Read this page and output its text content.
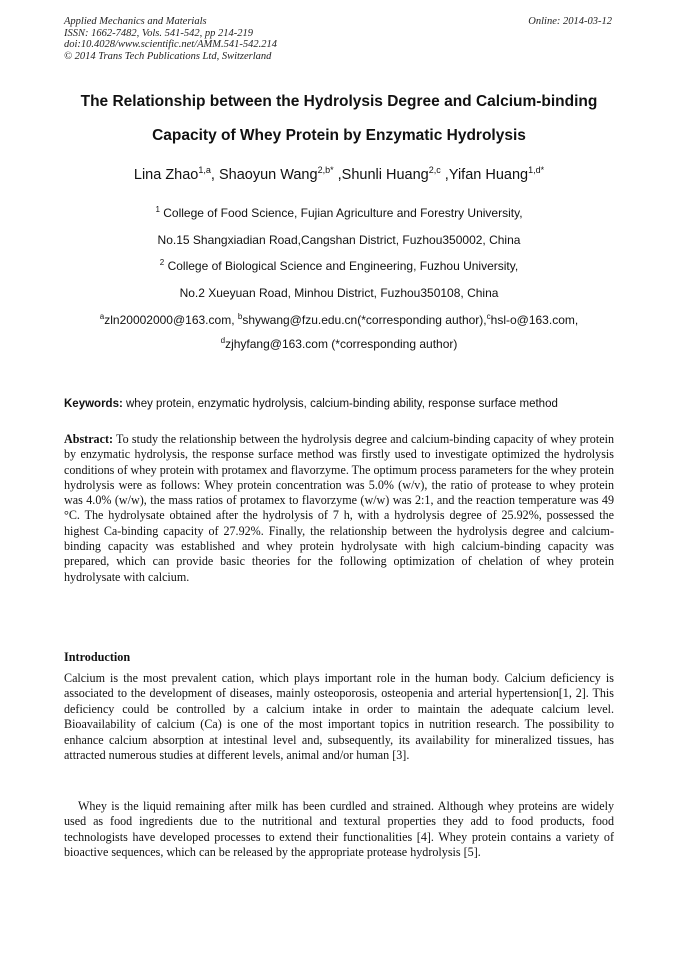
Applied Mechanics and Materials
ISSN: 1662-7482, Vols. 541-542, pp 214-219
doi:10.4028/www.scientific.net/AMM.541-542.214
© 2014 Trans Tech Publications Ltd, Switzerland
Online: 2014-03-12
The Relationship between the Hydrolysis Degree and Calcium-binding
Capacity of Whey Protein by Enzymatic Hydrolysis
Lina Zhao$^{1,a}$, Shaoyun Wang$^{2,b*}$ ,Shunli Huang$^{2,c}$ ,Yifan Huang$^{1,d*}$
$^1$ College of Food Science, Fujian Agriculture and Forestry University,
No.15 Shangxiadian Road,Cangshan District, Fuzhou350002, China
$^2$ College of Biological Science and Engineering, Fuzhou University,
No.2 Xueyuan Road, Minhou District, Fuzhou350108, China
$^a$zln20002000@163.com, $^b$shywang@fzu.edu.cn(*corresponding author),$^c$hsl-o@163.com,
$^d$zjhyfang@163.com (*corresponding author)
Keywords: whey protein, enzymatic hydrolysis, calcium-binding ability, response surface method
Abstract: To study the relationship between the hydrolysis degree and calcium-binding capacity of whey protein by enzymatic hydrolysis, the response surface method was firstly used to investigate optimized the hydrolysis conditions of whey protein with protamex and flavorzyme. The optimum process parameters for the whey protein hydrolysis were as follows: Whey protein concentration was 5.0% (w/v), the ratio of protease to whey protein was 4.0% (w/w), the mass ratios of protamex to flavorzyme (w/w) was 2:1, and the reaction temperature was 49 °C. The hydrolysate obtained after the hydrolysis of 7 h, with a hydrolysis degree of 25.92%, possessed the highest Ca-binding capacity of 27.92%. Finally, the relationship between the hydrolysis degree and calcium-binding capacity was established and whey protein hydrolysate with high calcium-binding capacity was prepared, which can provide basic theories for the following optimization of chelation of whey protein hydrolysate with calcium.
Introduction
Calcium is the most prevalent cation, which plays important role in the human body. Calcium deficiency is associated to the development of diseases, mainly osteoporosis, osteopenia and arterial hypertension[1, 2]. This deficiency could be controlled by a calcium intake in order to maintain the adequate calcium level. Bioavailability of calcium (Ca) is one of the most important topics in nutrition research. The possibility to enhance calcium absorption at intestinal level and, subsequently, its availability for mineralized tissues, has attracted numerous studies at different levels, animal and/or human [3].
Whey is the liquid remaining after milk has been curdled and strained. Although whey proteins are widely used as food ingredients due to the nutritional and textural properties they add to food products, food technologists have developed processes to extend their functionalities [4]. Whey protein contains a variety of bioactive sequences, which can be released by the appropriate protease hydrolysis [5].
